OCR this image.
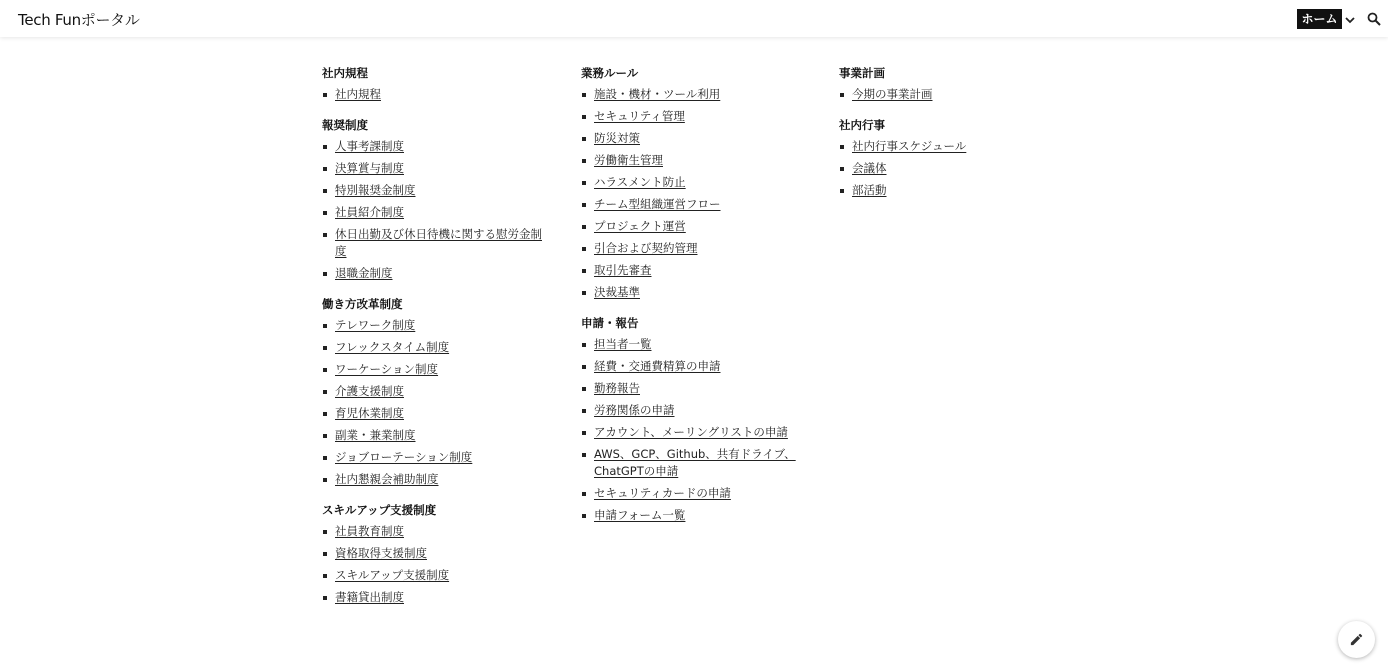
Tech Funポータル	ホーム
社内規程
社内規程
報奨制度
人事考課制度
決算賞与制度
特別報奨金制度
社員紹介制度
休日出勤及び休日待機に関する慰労金制度
退職金制度
働き方改革制度
テレワーク制度
フレックスタイム制度
ワーケーション制度
介護支援制度
育児休業制度
副業・兼業制度
ジョブローテーション制度
社内懇親会補助制度
スキルアップ支援制度
社員教育制度
資格取得支援制度
スキルアップ支援制度
書籍貸出制度
業務ルール
施設・機材・ツール利用
セキュリティ管理
防災対策
労働衛生管理
ハラスメント防止
チーム型組織運営フロー
プロジェクト運営
引合および契約管理
取引先審査
決裁基準
申請・報告
担当者一覧
経費・交通費精算の申請
勤務報告
労務関係の申請
アカウント、メーリングリストの申請
AWS、GCP、Github、共有ドライブ、ChatGPTの申請
セキュリティカードの申請
申請フォーム一覧
事業計画
今期の事業計画
社内行事
社内行事スケジュール
会議体
部活動
